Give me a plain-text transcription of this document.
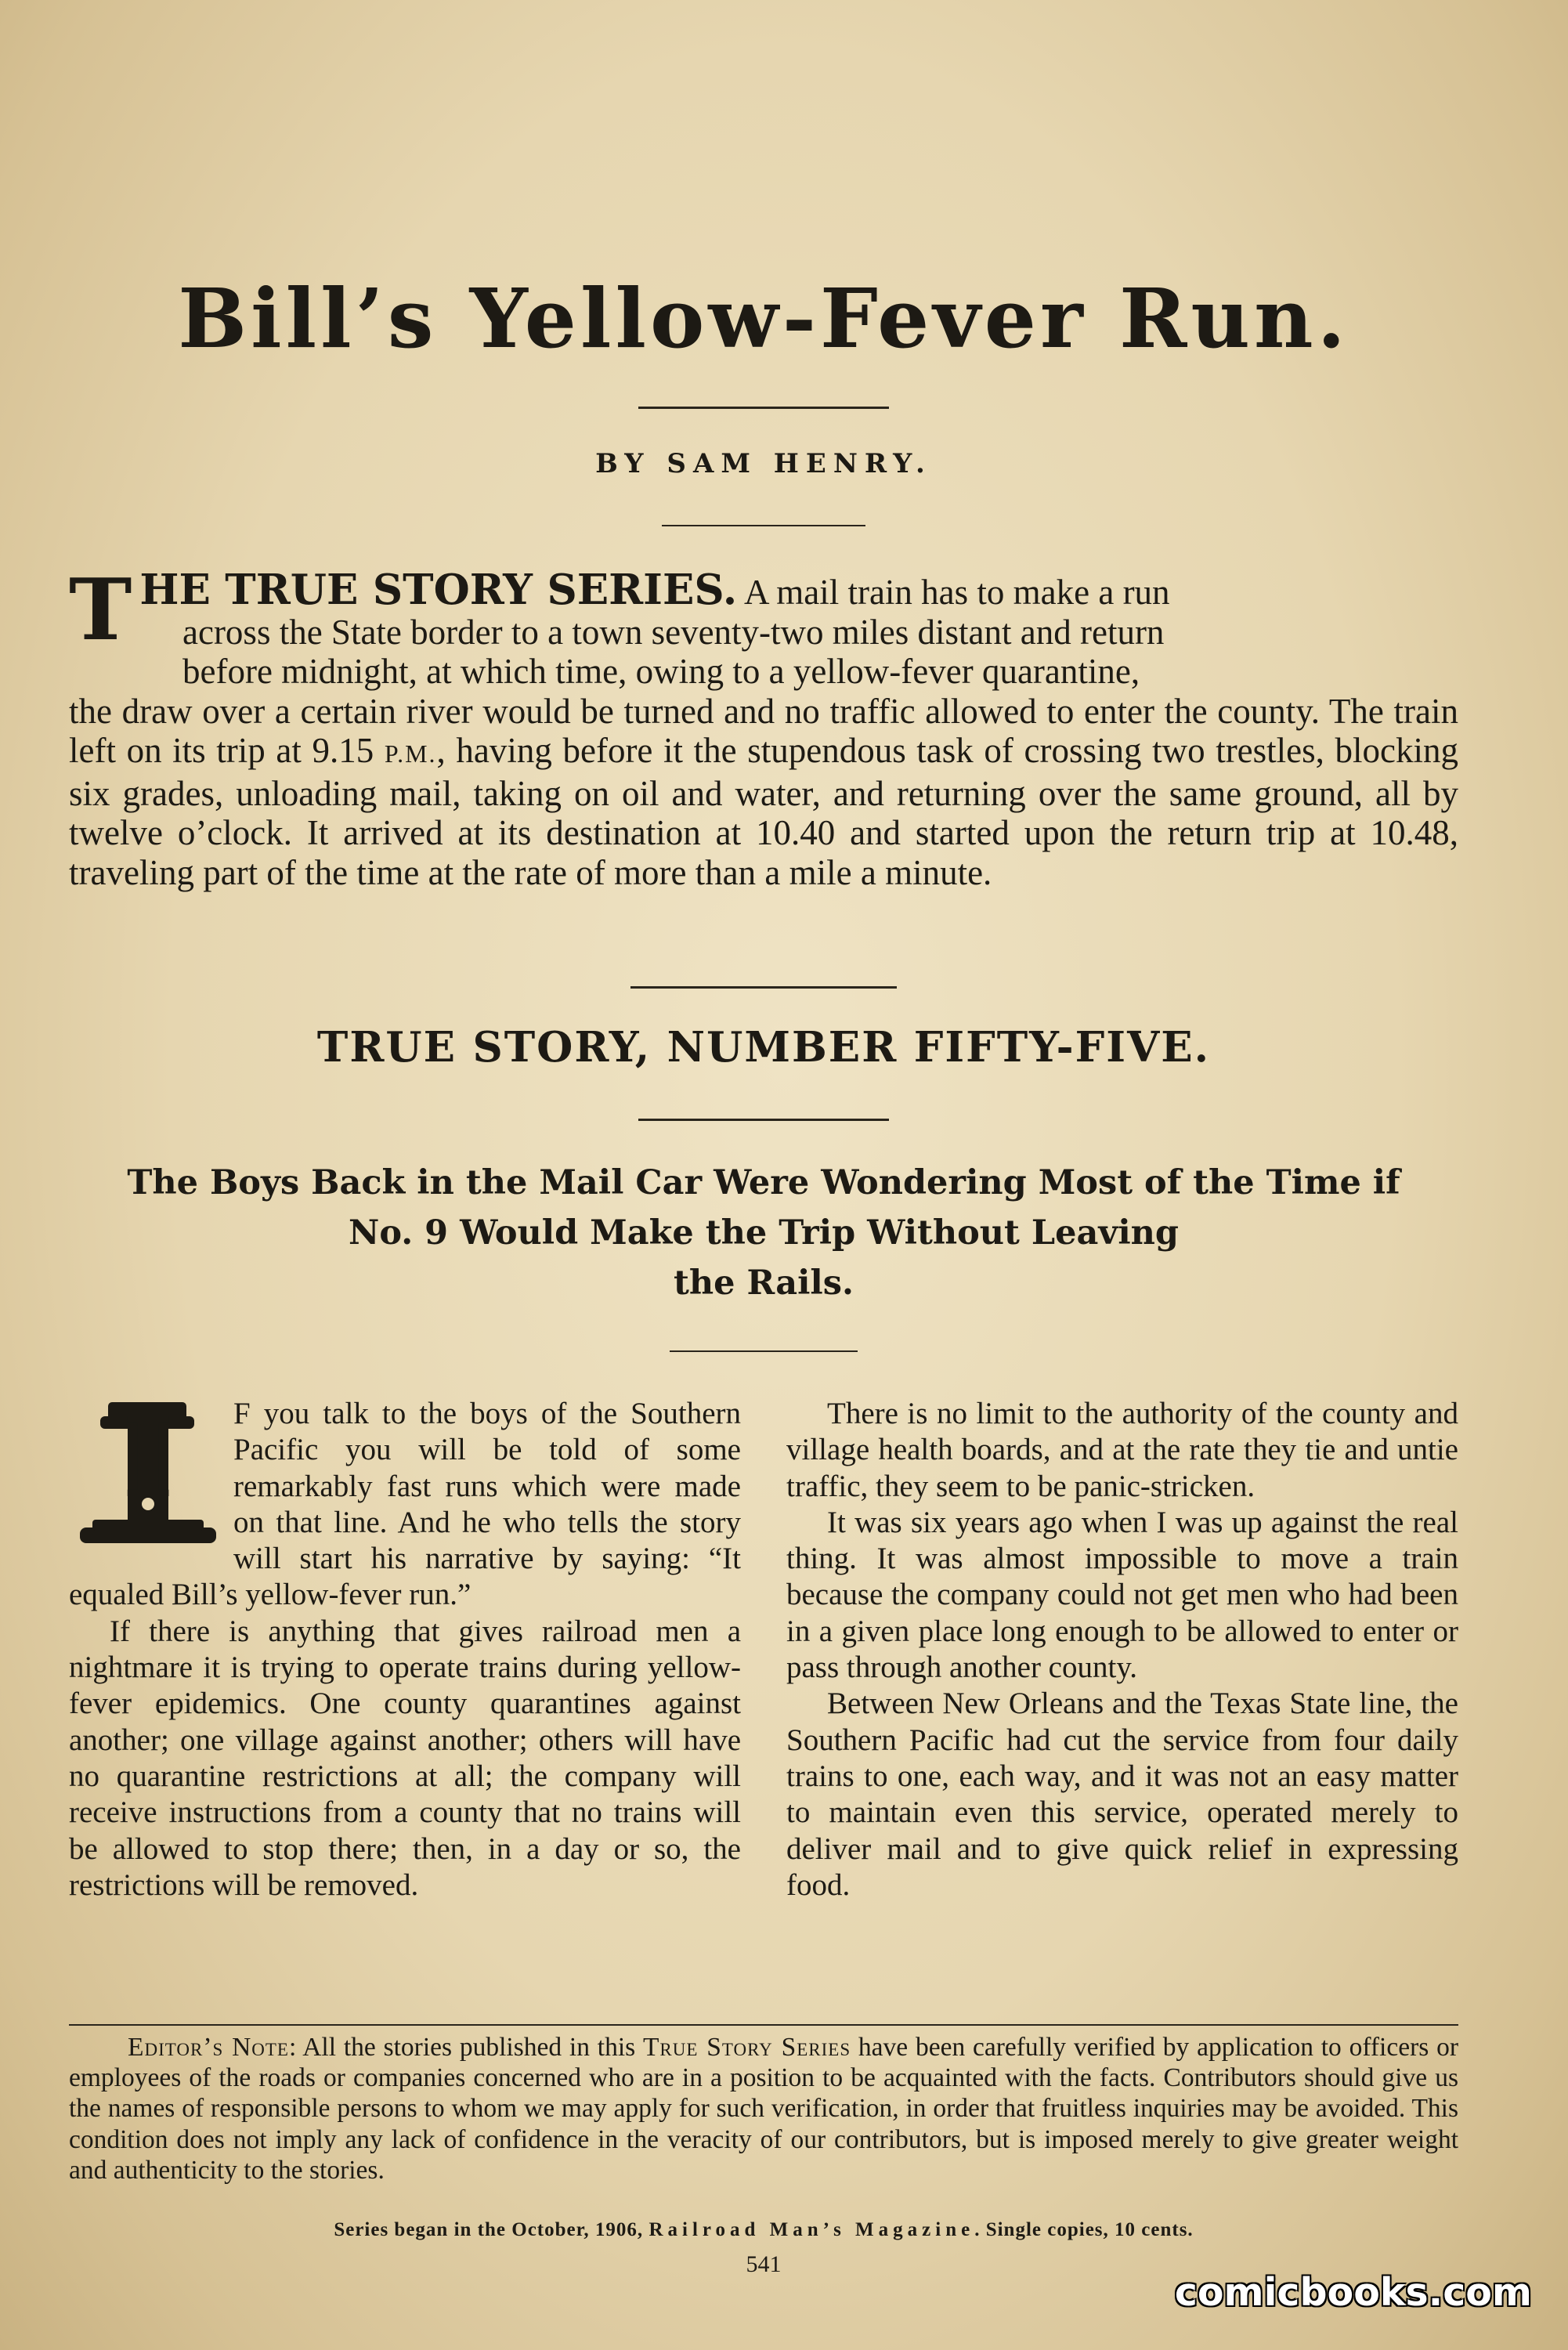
Bill’s Yellow-Fever Run.
BY SAM HENRY.

THE TRUE STORY SERIES. A mail train has to make a run
across the State border to a town seventy-two miles distant and return
before midnight, at which time, owing to a yellow-fever quarantine,
the draw over a certain river would be turned and no traffic allowed to enter the county. The train left on its trip at 9.15 P.M., having before it the stupendous task of crossing two trestles, blocking six grades, unloading mail, taking on oil and water, and returning over the same ground, all by twelve o’clock. It arrived at its destination at 10.40 and started upon the return trip at 10.48, traveling part of the time at the rate of more than a mile a minute.

TRUE STORY, NUMBER FIFTY-FIVE.
The Boys Back in the Mail Car Were Wondering Most of the Time if
No. 9 Would Make the Trip Without Leaving
the Rails.

I F you talk to the boys of the Southern Pacific you will be told of some remarkably fast runs which were made on that line. And he who tells the story will start his narrative by saying: “It equaled Bill’s yellow-fever run.”

If there is anything that gives railroad men a nightmare it is trying to operate trains during yellow-fever epidemics. One county quarantines against another; one village against another; others will have no quarantine restrictions at all; the company will receive instructions from a county that no trains will be allowed to stop there; then, in a day or so, the restrictions will be removed.

There is no limit to the authority of the county and village health boards, and at the rate they tie and untie traffic, they seem to be panic-stricken.

It was six years ago when I was up against the real thing. It was almost impossible to move a train because the company could not get men who had been in a given place long enough to be allowed to enter or pass through another county.

Between New Orleans and the Texas State line, the Southern Pacific had cut the service from four daily trains to one, each way, and it was not an easy matter to maintain even this service, operated merely to deliver mail and to give quick relief in expressing food.

Editor’s Note: All the stories published in this True Story Series have been carefully verified by application to officers or employees of the roads or companies concerned who are in a position to be acquainted with the facts. Contributors should give us the names of responsible persons to whom we may apply for such verification, in order that fruitless inquiries may be avoided. This condition does not imply any lack of confidence in the veracity of our contributors, but is imposed merely to give greater weight and authenticity to the stories.

Series began in the October, 1906, Railroad Man’s Magazine. Single copies, 10 cents.
541
comicbooks.com
